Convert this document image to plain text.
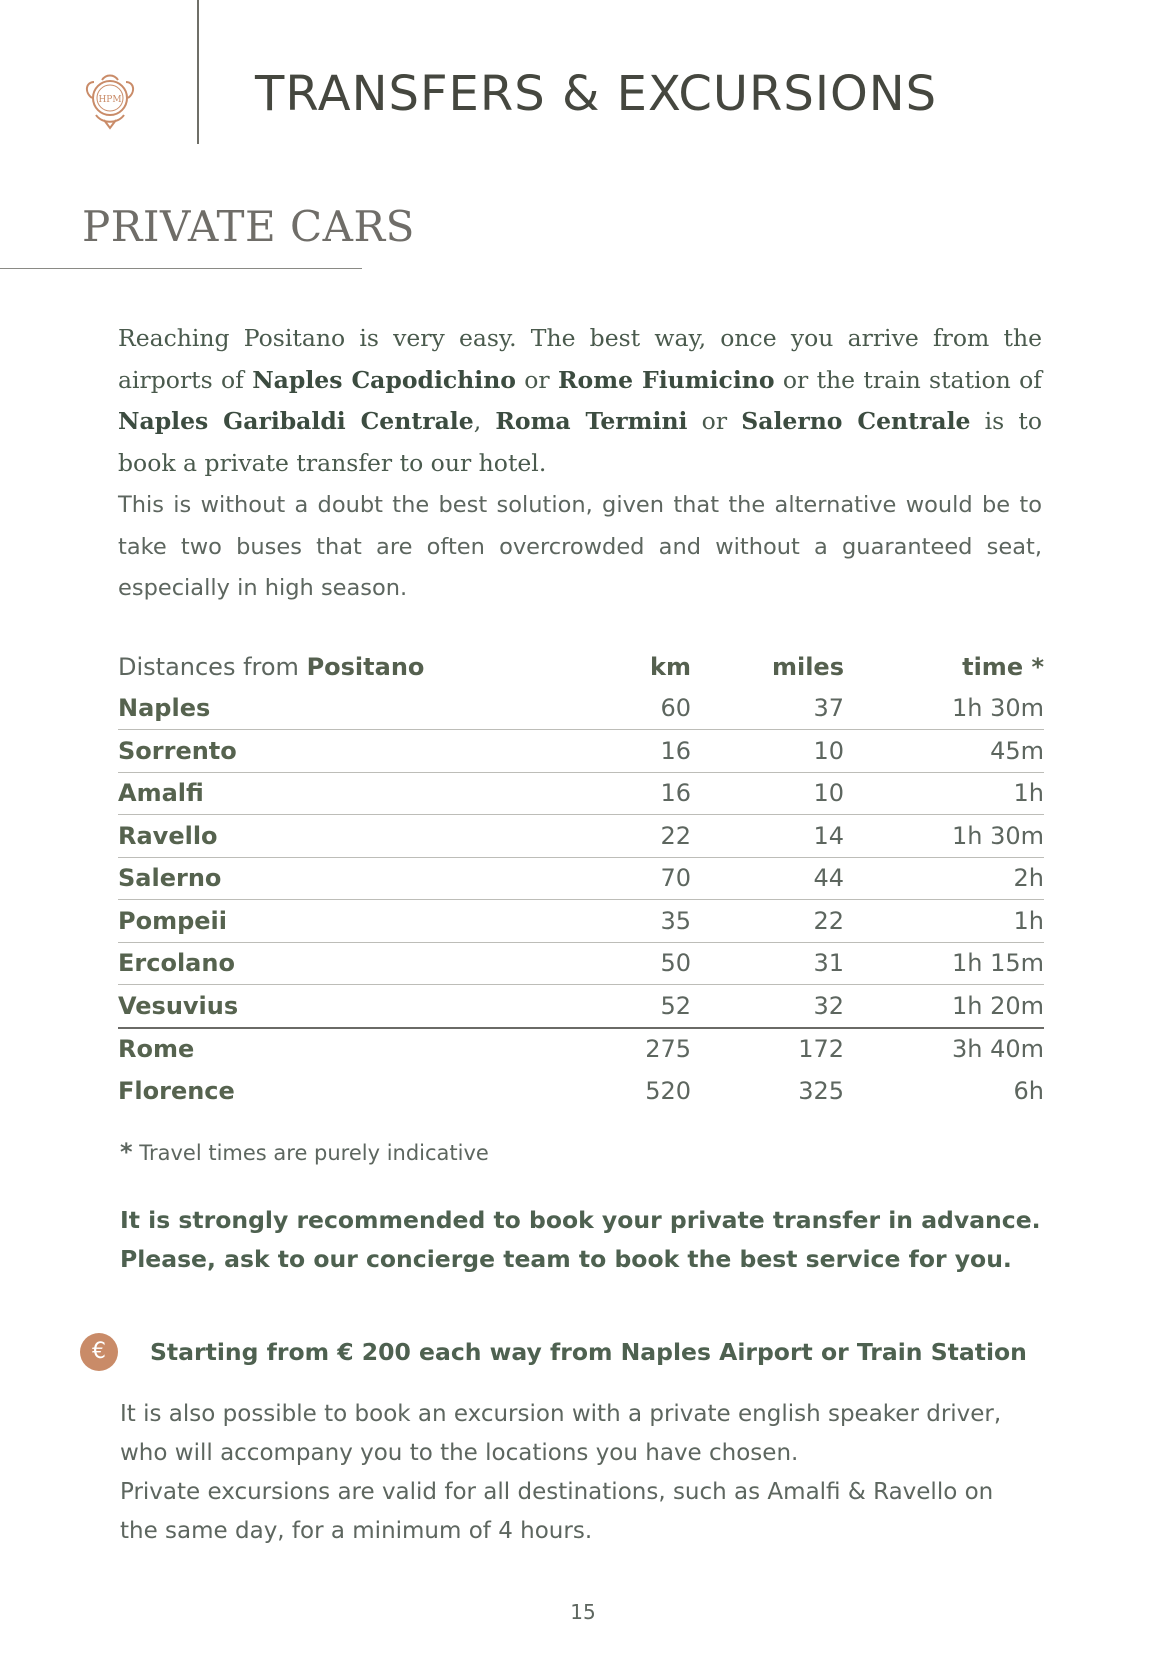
HPM	TRANSFERS & EXCURSIONS
PRIVATE CARS

Reaching Positano is very easy. The best way, once you arrive from the airports of Naples Capodichino or Rome Fiumicino or the train station of Naples Garibaldi Centrale, Roma Termini or Salerno Centrale is to book a private transfer to our hotel.

This is without a doubt the best solution, given that the alternative would be to take two buses that are often overcrowded and without a guaranteed seat, especially in high season.

Distances from Positano	km	miles	time *
Naples	60	37	1h 30m
Sorrento	16	10	45m
Amalfi	16	10	1h
Ravello	22	14	1h 30m
Salerno	70	44	2h
Pompeii	35	22	1h
Ercolano	50	31	1h 15m
Vesuvius	52	32	1h 20m
Rome	275	172	3h 40m
Florence	520	325	6h

* Travel times are purely indicative

It is strongly recommended to book your private transfer in advance.
Please, ask to our concierge team to book the best service for you.

€	Starting from € 200 each way from Naples Airport or Train Station

It is also possible to book an excursion with a private english speaker driver,
who will accompany you to the locations you have chosen.
Private excursions are valid for all destinations, such as Amalfi & Ravello on
the same day, for a minimum of 4 hours.

15
